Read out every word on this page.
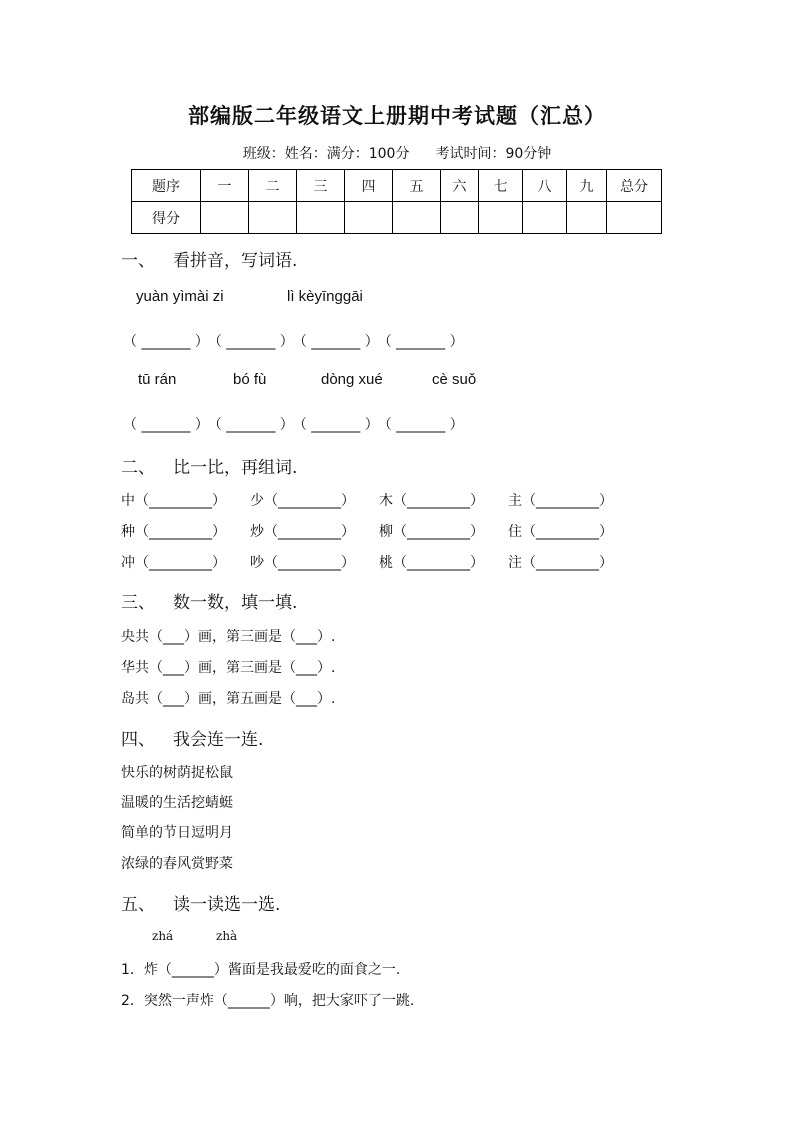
部编版二年级语文上册期中考试题（汇总）
班级：姓名：满分：100分 考试时间：90分钟
题序	一	二	三	四	五	六	七	八	九	总分
得分										
一、 看拼音，写词语.
yuàn yìmài zi	lì kèyīnggāi
（ _______ ） （ _______ ） （ _______ ） （ _______ ）
tū rán	bó fù	dòng xué	cè suǒ
（ _______ ） （ _______ ） （ _______ ） （ _______ ）
二、 比一比，再组词.
中（_________） 少（_________） 木（_________） 主（_________）
种（_________） 炒（_________） 柳（_________） 住（_________）
冲（_________） 吵（_________） 桃（_________） 注（_________）
三、 数一数，填一填.
央共（___）画，第三画是（___）.
华共（___）画，第三画是（___）.
岛共（___）画，第五画是（___）.
四、 我会连一连.
快乐的树荫捉松鼠
温暖的生活挖蜻蜓
简单的节日逗明月
浓绿的春风赏野菜
五、 读一读选一选.
zhá	zhà
1．炸（______）酱面是我最爱吃的面食之一.
2．突然一声炸（______）响，把大家吓了一跳.
